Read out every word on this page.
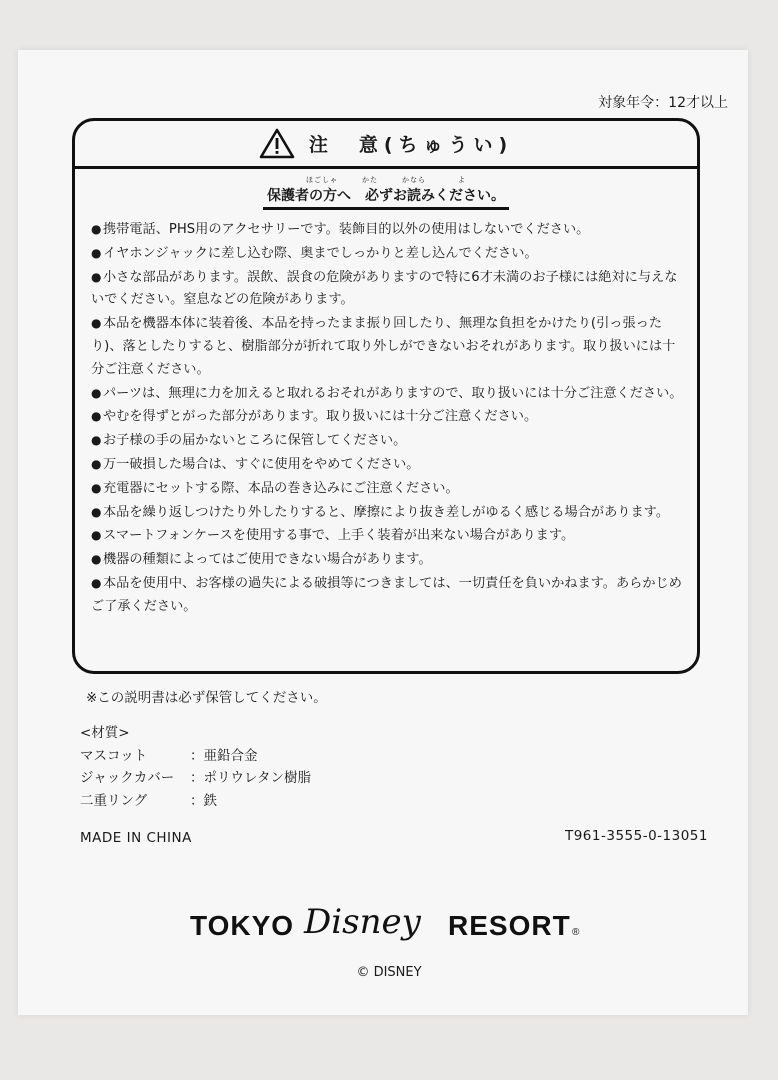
対象年令：12才以上
注　意(ちゅうい)
ほごしゃ　　　かた　　　かなら　　　　よ
保護者の方へ　必ずお読みください。
● 携帯電話、PHS用のアクセサリーです。装飾目的以外の使用はしないでください。
● イヤホンジャックに差し込む際、奥までしっかりと差し込んでください。
● 小さな部品があります。誤飲、誤食の危険がありますので特に6才未満のお子様には絶対に与えないでください。窒息などの危険があります。
● 本品を機器本体に装着後、本品を持ったまま振り回したり、無理な負担をかけたり(引っ張ったり)、落としたりすると、樹脂部分が折れて取り外しができないおそれがあります。取り扱いには十分ご注意ください。
● パーツは、無理に力を加えると取れるおそれがありますので、取り扱いには十分ご注意ください。
● やむを得ずとがった部分があります。取り扱いには十分ご注意ください。
● お子様の手の届かないところに保管してください。
● 万一破損した場合は、すぐに使用をやめてください。
● 充電器にセットする際、本品の巻き込みにご注意ください。
● 本品を繰り返しつけたり外したりすると、摩擦により抜き差しがゆるく感じる場合があります。
● スマートフォンケースを使用する事で、上手く装着が出来ない場合があります。
● 機器の種類によってはご使用できない場合があります。
● 本品を使用中、お客様の過失による破損等につきましては、一切責任を負いかねます。あらかじめご了承ください。
※この説明書は必ず保管してください。
<材質>
マスコット	：亜鉛合金
ジャックカバー	：ポリウレタン樹脂
二重リング	：鉄
MADE IN CHINA	T961-3555-0-13051
TOKYO Disney RESORT ®
© DISNEY
